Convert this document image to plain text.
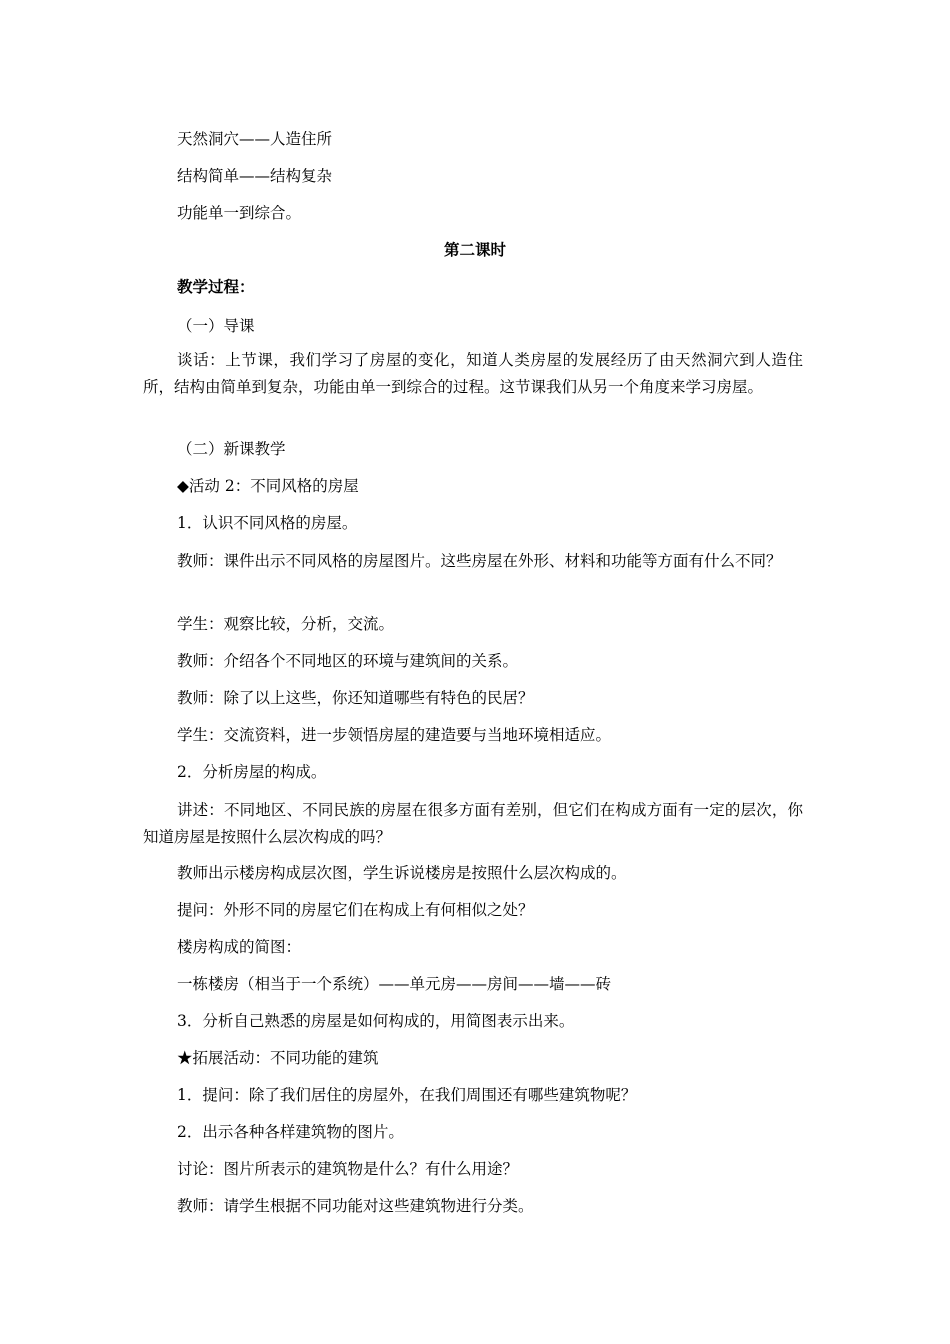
天然洞穴——人造住所
结构简单——结构复杂
功能单一到综合。
第二课时
教学过程：
（一）导课
谈话：上节课，我们学习了房屋的变化，知道人类房屋的发展经历了由天然洞穴到人造住所，结构由简单到复杂，功能由单一到综合的过程。这节课我们从另一个角度来学习房屋。
（二）新课教学
◆活动 2：不同风格的房屋
1．认识不同风格的房屋。
教师：课件出示不同风格的房屋图片。这些房屋在外形、材料和功能等方面有什么不同？
学生：观察比较，分析，交流。
教师：介绍各个不同地区的环境与建筑间的关系。
教师：除了以上这些，你还知道哪些有特色的民居？
学生：交流资料，进一步领悟房屋的建造要与当地环境相适应。
2．分析房屋的构成。
讲述：不同地区、不同民族的房屋在很多方面有差别，但它们在构成方面有一定的层次，你知道房屋是按照什么层次构成的吗？
教师出示楼房构成层次图，学生诉说楼房是按照什么层次构成的。
提问：外形不同的房屋它们在构成上有何相似之处？
楼房构成的简图：
一栋楼房（相当于一个系统）——单元房——房间——墙——砖
3．分析自己熟悉的房屋是如何构成的，用简图表示出来。
★拓展活动：不同功能的建筑
1．提问：除了我们居住的房屋外，在我们周围还有哪些建筑物呢？
2．出示各种各样建筑物的图片。
讨论：图片所表示的建筑物是什么？有什么用途？
教师：请学生根据不同功能对这些建筑物进行分类。
